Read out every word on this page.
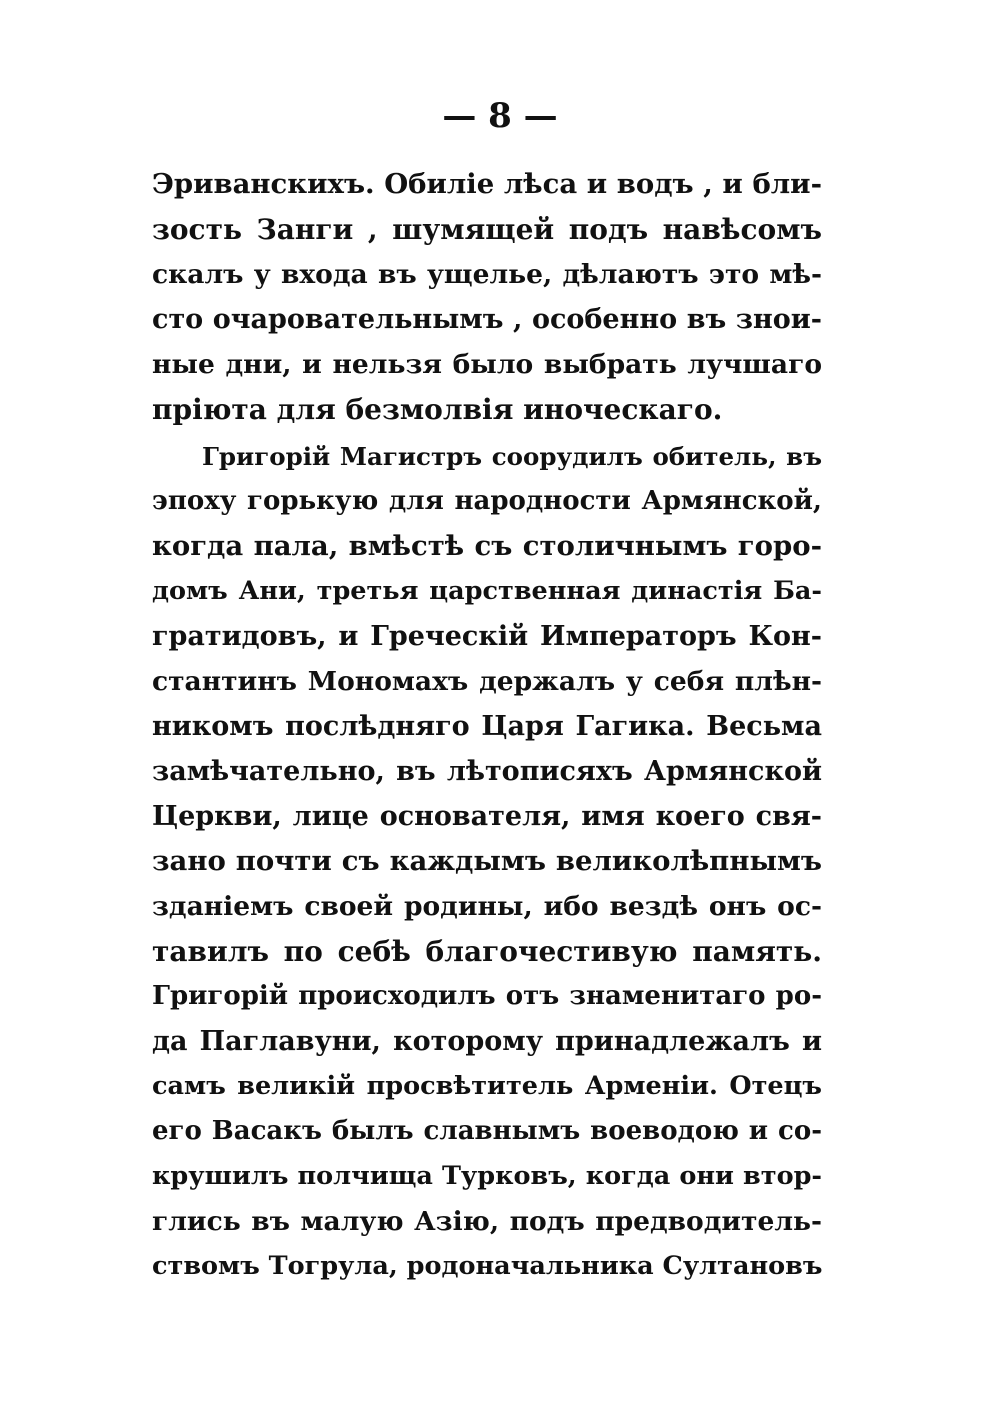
— 8 —
Эриванскихъ. Обиліе лѣса и водъ , и бли-
зость Занги , шумящей подъ навѣсомъ
скалъ у входа въ ущелье, дѣлаютъ это мѣ-
сто очаровательнымъ , особенно въ знои-
ные дни, и нельзя было выбрать лучшаго
пріюта для безмолвія иноческаго.
Григорій Магистръ соорудилъ обитель, въ
эпоху горькую для народности Армянской,
когда пала, вмѣстѣ съ столичнымъ горо-
домъ Ани, третья царственная династія Ба-
гратидовъ, и Греческій Императоръ Кон-
стантинъ Мономахъ держалъ у себя плѣн-
никомъ послѣдняго Царя Гагика. Весьма
замѣчательно, въ лѣтописяхъ Армянской
Церкви, лице основателя, имя коего свя-
зано почти съ каждымъ великолѣпнымъ
зданіемъ своей родины, ибо вездѣ онъ ос-
тавилъ по себѣ благочестивую память.
Григорій происходилъ отъ знаменитаго ро-
да Паглавуни, которому принадлежалъ и
самъ великій просвѣтитель Арменіи. Отецъ
его Васакъ былъ славнымъ воеводою и со-
крушилъ полчища Турковъ, когда они втор-
глись въ малую Азію, подъ предводитель-
ствомъ Тогрула, родоначальника Султановъ
